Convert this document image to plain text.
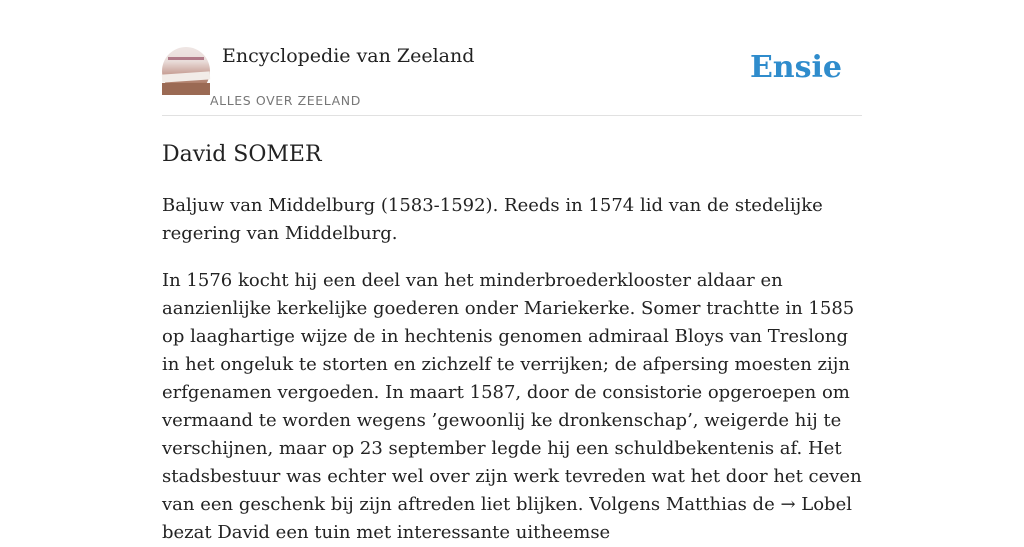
Encyclopedie van Zeeland
ALLES OVER ZEELAND
Ensie
David SOMER

Baljuw van Middelburg (1583-1592). Reeds in 1574 lid van de stedelijke regering van Middelburg.

In 1576 kocht hij een deel van het minderbroederklooster aldaar en aanzienlijke kerkelijke goederen onder Mariekerke. Somer trachtte in 1585 op laaghartige wijze de in hechtenis genomen admiraal Bloys van Treslong in het ongeluk te storten en zichzelf te verrijken; de afpersing moesten zijn erfgenamen vergoeden. In maart 1587, door de consistorie opgeroepen om vermaand te worden wegens ’gewoonlij ke dronkenschap’, weigerde hij te verschijnen, maar op 23 september legde hij een schuldbekentenis af. Het stadsbestuur was echter wel over zijn werk tevreden wat het door het ceven van een geschenk bij zijn aftreden liet blijken. Volgens Matthias de → Lobel bezat David een tuin met interessante uitheemse
